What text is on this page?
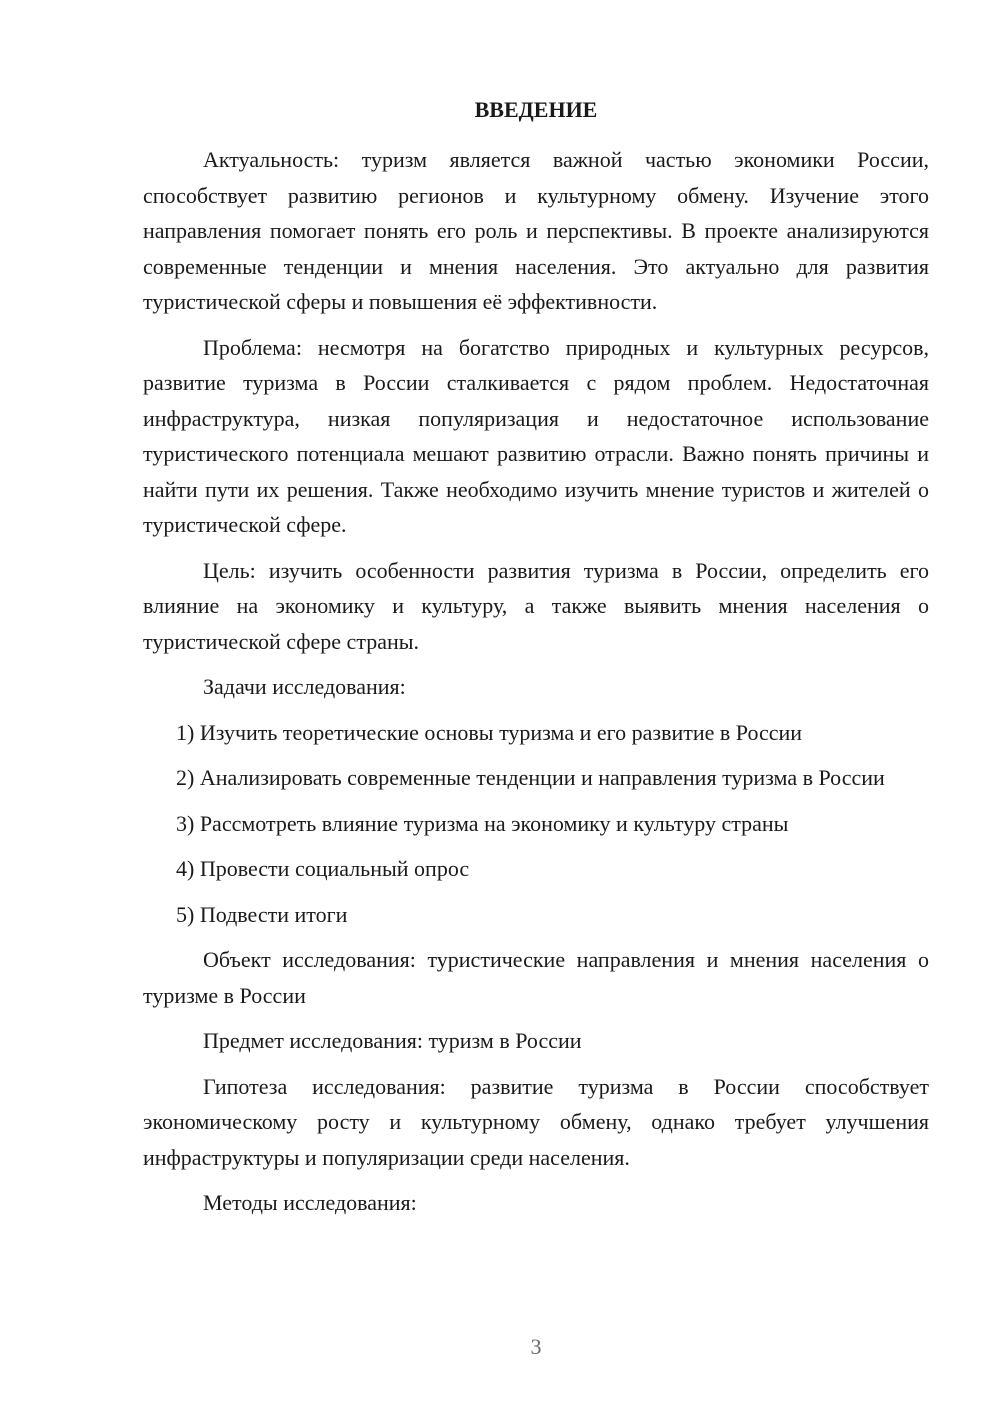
ВВЕДЕНИЕ

Актуальность: туризм является важной частью экономики России, способствует развитию регионов и культурному обмену. Изучение этого направления помогает понять его роль и перспективы. В проекте анализируются современные тенденции и мнения населения. Это актуально для развития туристической сферы и повышения её эффективности.

Проблема: несмотря на богатство природных и культурных ресурсов, развитие туризма в России сталкивается с рядом проблем. Недостаточная инфраструктура, низкая популяризация и недостаточное использование туристического потенциала мешают развитию отрасли. Важно понять причины и найти пути их решения. Также необходимо изучить мнение туристов и жителей о туристической сфере.

Цель: изучить особенности развития туризма в России, определить его влияние на экономику и культуру, а также выявить мнения населения о туристической сфере страны.

Задачи исследования:

1) Изучить теоретические основы туризма и его развитие в России

2) Анализировать современные тенденции и направления туризма в России

3) Рассмотреть влияние туризма на экономику и культуру страны

4) Провести социальный опрос

5) Подвести итоги

Объект исследования: туристические направления и мнения населения о туризме в России

Предмет исследования: туризм в России

Гипотеза исследования: развитие туризма в России способствует экономическому росту и культурному обмену, однако требует улучшения инфраструктуры и популяризации среди населения.

Методы исследования:

3
